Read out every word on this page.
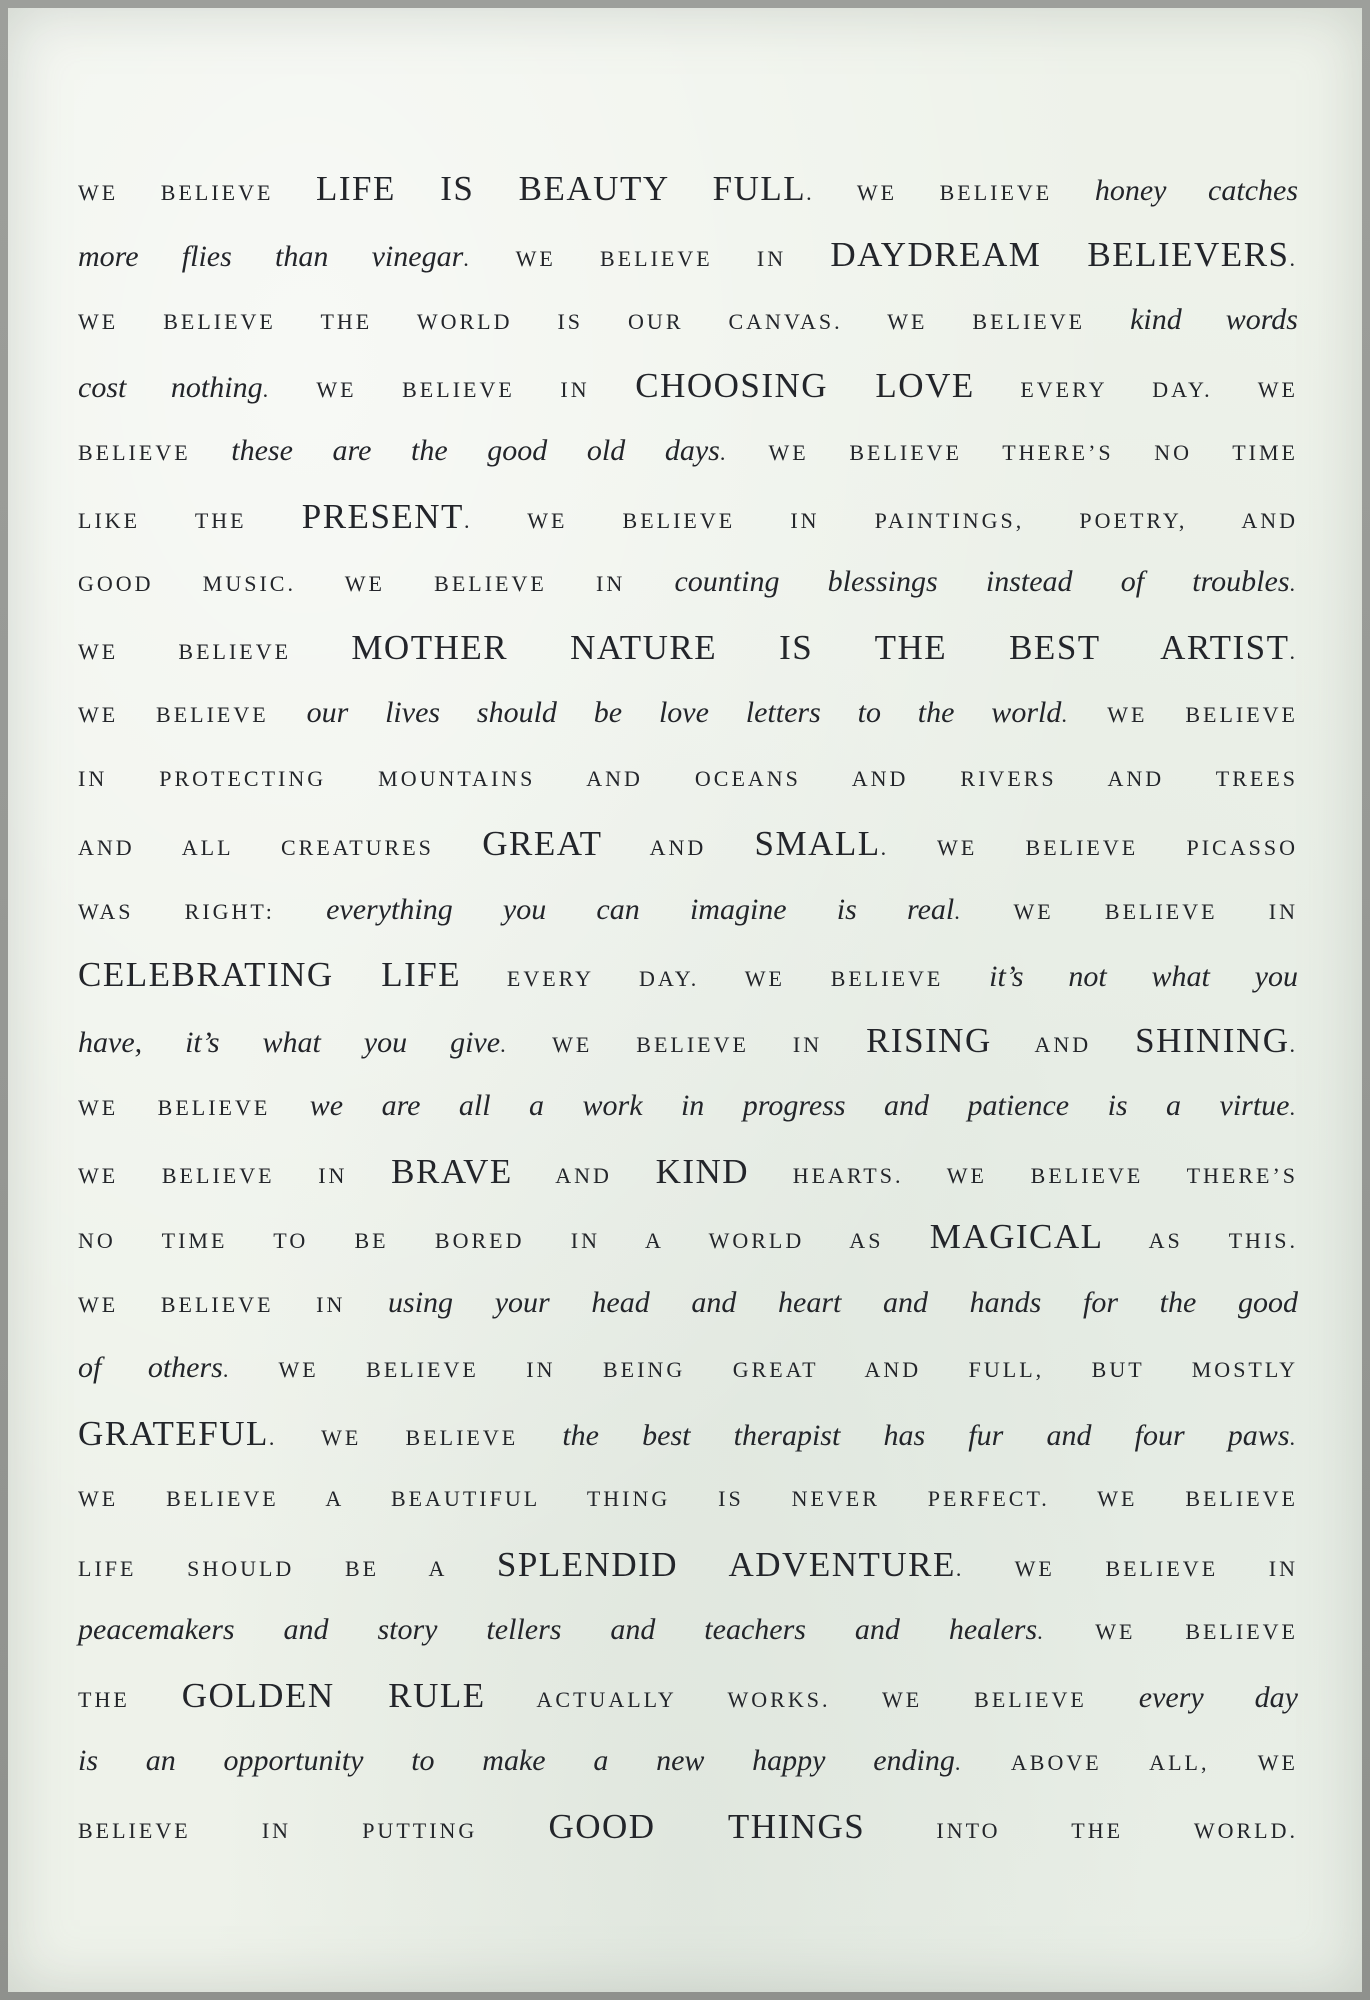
WE BELIEVE LIFE IS BEAUTY FULL. WE BELIEVE honey catches
more flies than vinegar. WE BELIEVE IN DAYDREAM BELIEVERS.
WE BELIEVE THE WORLD IS OUR CANVAS. WE BELIEVE kind words
cost nothing. WE BELIEVE IN CHOOSING LOVE EVERY DAY. WE
BELIEVE these are the good old days. WE BELIEVE THERE’S NO TIME
LIKE THE PRESENT. WE BELIEVE IN PAINTINGS, POETRY, AND
GOOD MUSIC. WE BELIEVE IN counting blessings instead of troubles.
WE BELIEVE MOTHER NATURE IS THE BEST ARTIST.
WE BELIEVE our lives should be love letters to the world. WE BELIEVE
IN PROTECTING MOUNTAINS AND OCEANS AND RIVERS AND TREES
AND ALL CREATURES GREAT AND SMALL. WE BELIEVE PICASSO
WAS RIGHT: everything you can imagine is real. WE BELIEVE IN
CELEBRATING LIFE EVERY DAY. WE BELIEVE it’s not what you
have, it’s what you give. WE BELIEVE IN RISING AND SHINING.
WE BELIEVE we are all a work in progress and patience is a virtue.
WE BELIEVE IN BRAVE AND KIND HEARTS. WE BELIEVE THERE’S
NO TIME TO BE BORED IN A WORLD AS MAGICAL AS THIS.
WE BELIEVE IN using your head and heart and hands for the good
of others. WE BELIEVE IN BEING GREAT AND FULL, BUT MOSTLY
GRATEFUL. WE BELIEVE the best therapist has fur and four paws.
WE BELIEVE A BEAUTIFUL THING IS NEVER PERFECT. WE BELIEVE
LIFE SHOULD BE A SPLENDID ADVENTURE. WE BELIEVE IN
peacemakers and story tellers and teachers and healers. WE BELIEVE
THE GOLDEN RULE ACTUALLY WORKS. WE BELIEVE every day
is an opportunity to make a new happy ending. ABOVE ALL, WE
BELIEVE IN PUTTING GOOD THINGS INTO THE WORLD.
